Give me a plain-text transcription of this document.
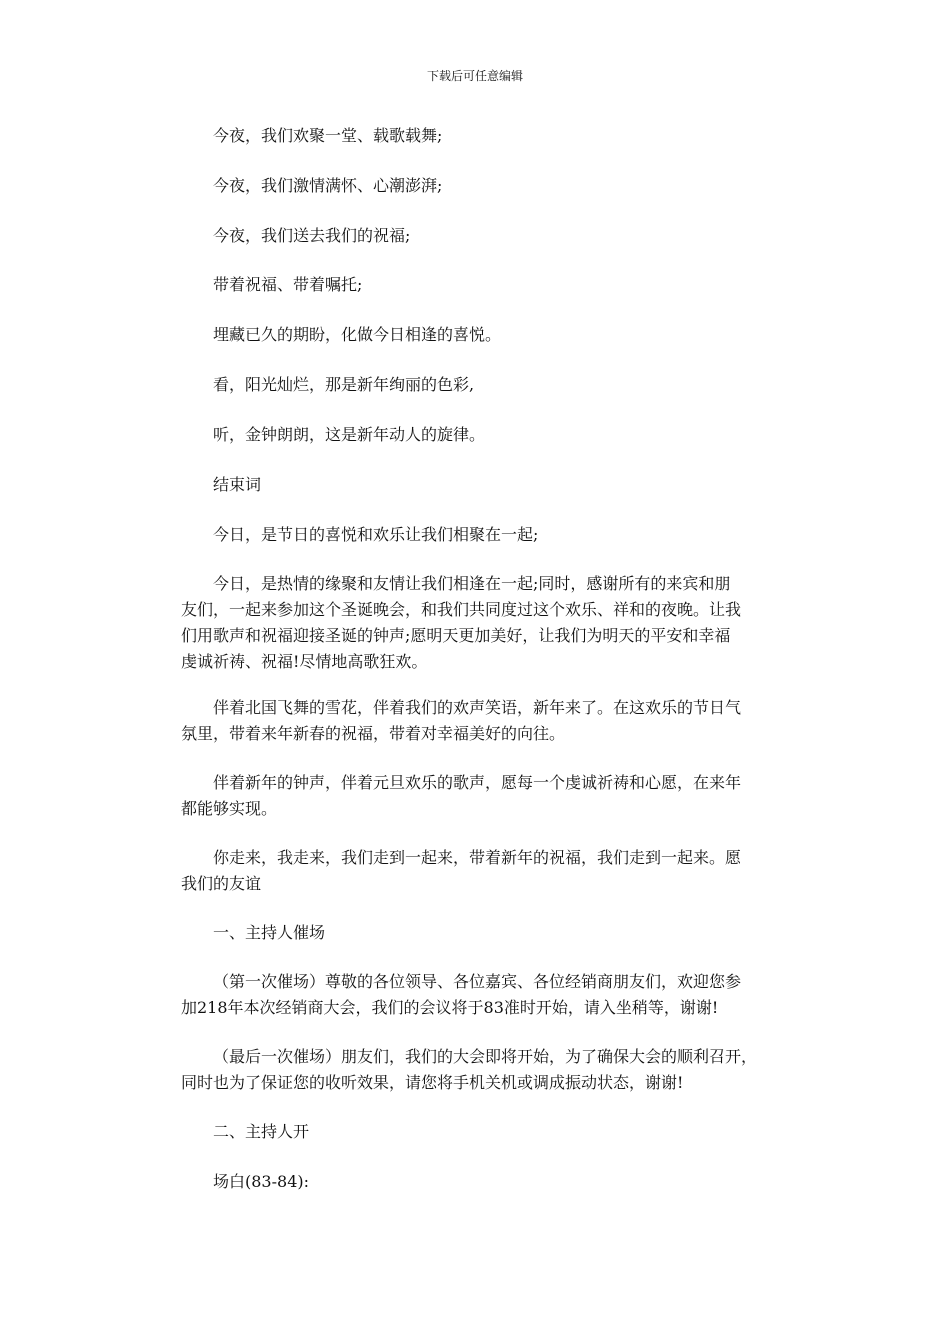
下载后可任意编辑
今夜，我们欢聚一堂、载歌载舞;
今夜，我们激情满怀、心潮澎湃;
今夜，我们送去我们的祝福;
带着祝福、带着嘱托;
埋藏已久的期盼，化做今日相逢的喜悦。
看，阳光灿烂，那是新年绚丽的色彩,
听，金钟朗朗，这是新年动人的旋律。
结束词
今日，是节日的喜悦和欢乐让我们相聚在一起;
今日，是热情的缘聚和友情让我们相逢在一起;同时，感谢所有的来宾和朋
友们，一起来参加这个圣诞晚会，和我们共同度过这个欢乐、祥和的夜晚。让我
们用歌声和祝福迎接圣诞的钟声;愿明天更加美好，让我们为明天的平安和幸福
虔诚祈祷、祝福!尽情地高歌狂欢。
伴着北国飞舞的雪花，伴着我们的欢声笑语，新年来了。在这欢乐的节日气
氛里，带着来年新春的祝福，带着对幸福美好的向往。
伴着新年的钟声，伴着元旦欢乐的歌声，愿每一个虔诚祈祷和心愿，在来年
都能够实现。
你走来，我走来，我们走到一起来，带着新年的祝福，我们走到一起来。愿
我们的友谊
一、主持人催场
（第一次催场）尊敬的各位领导、各位嘉宾、各位经销商朋友们，欢迎您参
加218年本次经销商大会，我们的会议将于83准时开始，请入坐稍等，谢谢!
（最后一次催场）朋友们，我们的大会即将开始，为了确保大会的顺利召开，
同时也为了保证您的收听效果，请您将手机关机或调成振动状态，谢谢!
二、主持人开
场白(83-84):
